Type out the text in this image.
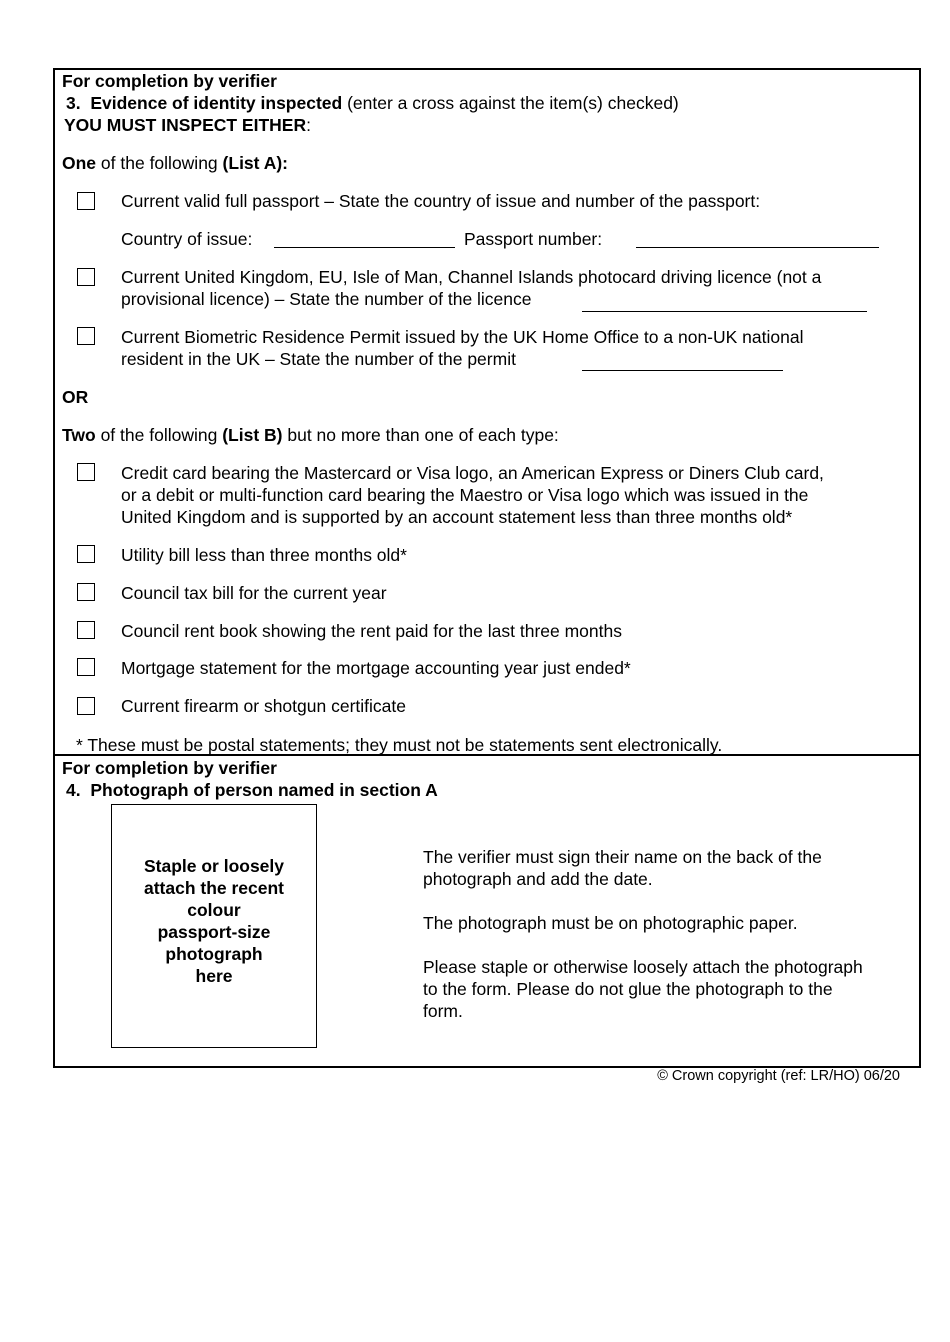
For completion by verifier
3. Evidence of identity inspected (enter a cross against the item(s) checked)
YOU MUST INSPECT EITHER:
One of the following (List A):
Current valid full passport – State the country of issue and number of the passport:
Country of issue:	Passport number:
Current United Kingdom, EU, Isle of Man, Channel Islands photocard driving licence (not a
provisional licence) – State the number of the licence
Current Biometric Residence Permit issued by the UK Home Office to a non-UK national
resident in the UK – State the number of the permit
OR
Two of the following (List B) but no more than one of each type:
Credit card bearing the Mastercard or Visa logo, an American Express or Diners Club card,
or a debit or multi-function card bearing the Maestro or Visa logo which was issued in the
United Kingdom and is supported by an account statement less than three months old*
Utility bill less than three months old*
Council tax bill for the current year
Council rent book showing the rent paid for the last three months
Mortgage statement for the mortgage accounting year just ended*
Current firearm or shotgun certificate
* These must be postal statements; they must not be statements sent electronically.
For completion by verifier
4. Photograph of person named in section A
Staple or loosely
attach the recent
colour
passport-size
photograph
here
The verifier must sign their name on the back of the
photograph and add the date.
The photograph must be on photographic paper.
Please staple or otherwise loosely attach the photograph
to the form. Please do not glue the photograph to the
form.
© Crown copyright (ref: LR/HO) 06/20
